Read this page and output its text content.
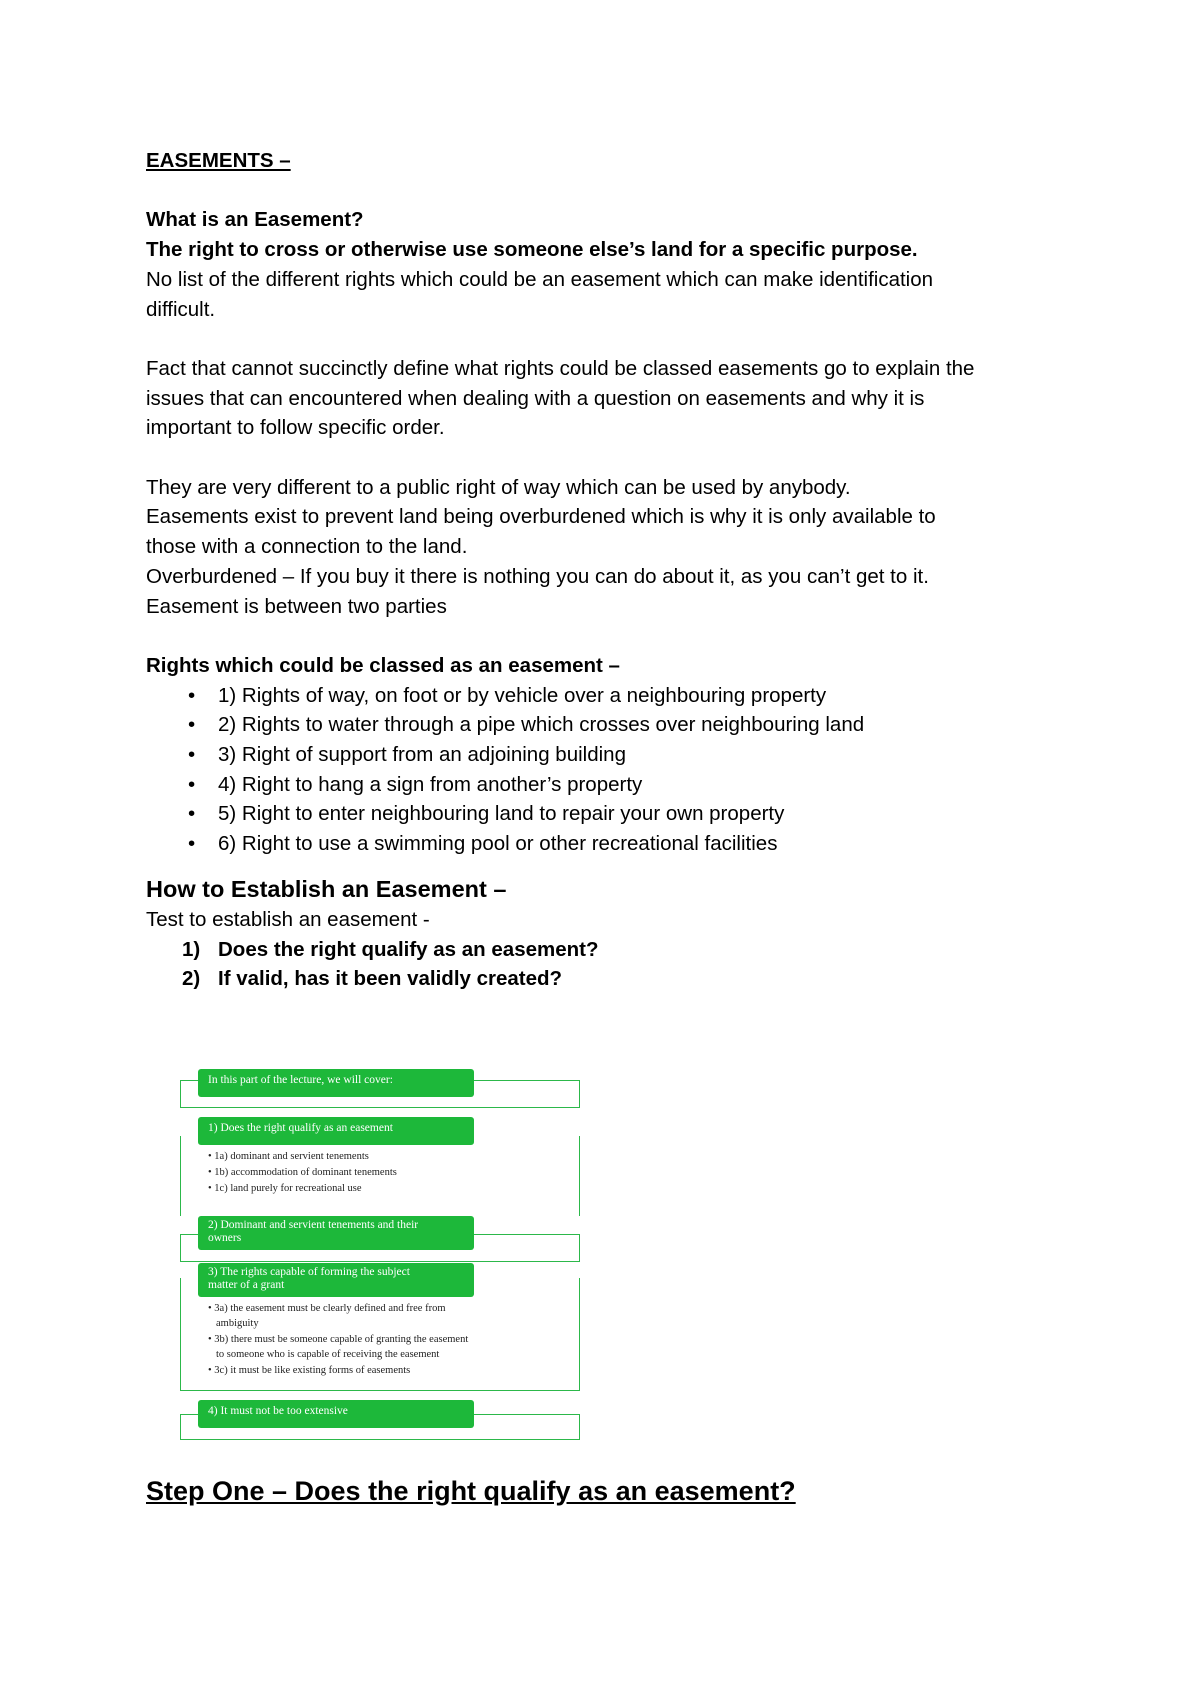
EASEMENTS –

What is an Easement?

The right to cross or otherwise use someone else’s land for a specific purpose.

No list of the different rights which could be an easement which can make identification

difficult.

Fact that cannot succinctly define what rights could be classed easements go to explain the

issues that can encountered when dealing with a question on easements and why it is

important to follow specific order.

They are very different to a public right of way which can be used by anybody.

Easements exist to prevent land being overburdened which is why it is only available to

those with a connection to the land.

Overburdened – If you buy it there is nothing you can do about it, as you can’t get to it.

Easement is between two parties

Rights which could be classed as an easement –

• 1) Rights of way, on foot or by vehicle over a neighbouring property
• 2) Rights to water through a pipe which crosses over neighbouring land
• 3) Right of support from an adjoining building
• 4) Right to hang a sign from another’s property
• 5) Right to enter neighbouring land to repair your own property
• 6) Right to use a swimming pool or other recreational facilities
How to Establish an Easement –

Test to establish an easement -

1) Does the right qualify as an easement?
2) If valid, has it been validly created?
In this part of the lecture, we will cover:
1) Does the right qualify as an easement
• 1a) dominant and servient tenements
• 1b) accommodation of dominant tenements
• 1c) land purely for recreational use
2) Dominant and servient tenements and their
owners
3) The rights capable of forming the subject
matter of a grant
• 3a) the easement must be clearly defined and free from
ambiguity
• 3b) there must be someone capable of granting the easement
to someone who is capable of receiving the easement
• 3c) it must be like existing forms of easements
4) It must not be too extensive
Step One – Does the right qualify as an easement?
